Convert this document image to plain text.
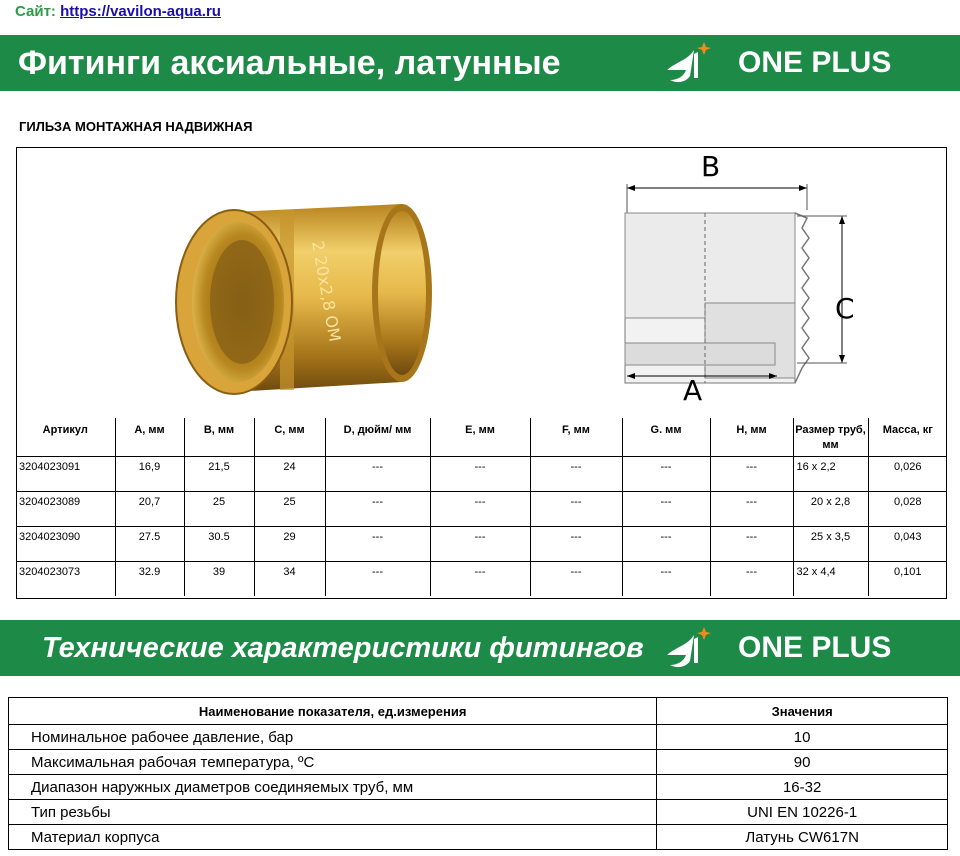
Сайт: https://vavilon-aqua.ru
Фитинги аксиальные, латунные	ONE PLUS
ГИЛЬЗА МОНТАЖНАЯ НАДВИЖНАЯ
2 20x2,8 OM
B
C
A
Артикул	A, мм	B, мм	C, мм	D, дюйм/ мм	E, мм	F, мм	G. мм	H, мм	Размер труб, мм	Масса, кг
3204023091	16,9	21,5	24	---	---	---	---	---	16 х 2,2	0,026
3204023089	20,7	25	25	---	---	---	---	---	20 х 2,8	0,028
3204023090	27.5	30.5	29	---	---	---	---	---	25 х 3,5	0,043
3204023073	32.9	39	34	---	---	---	---	---	32 х 4,4	0,101
Технические характеристики фитингов	ONE PLUS
Наименование показателя, ед.измерения	Значения
Номинальное рабочее давление, бар	10
Максимальная рабочая температура, ºС	90
Диапазон наружных диаметров соединяемых труб, мм	16-32
Тип резьбы	UNI EN 10226-1
Материал корпуса	Латунь CW617N
